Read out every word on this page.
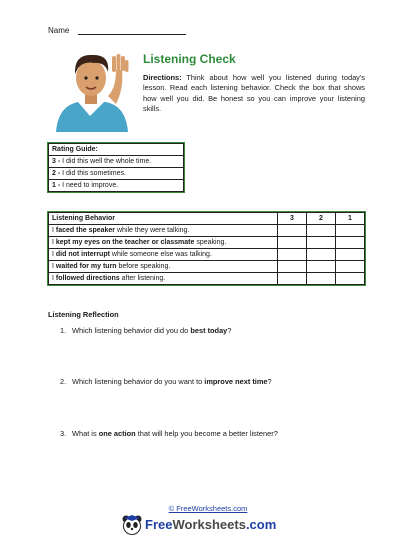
Name
Listening Check
Directions: Think about how well you listened during today's lesson. Read each listening behavior. Check the box that shows how well you did. Be honest so you can improve your listening skills.
Rating Guide:
3 - I did this well the whole time.
2 - I did this sometimes.
1 - I need to improve.
Listening Behavior	3	2	1
I faced the speaker while they were talking.			
I kept my eyes on the teacher or classmate speaking.			
I did not interrupt while someone else was talking.			
I waited for my turn before speaking.			
I followed directions after listening.			
Listening Reflection
1. Which listening behavior did you do best today?
2. Which listening behavior do you want to improve next time?
3. What is one action that will help you become a better listener?
© FreeWorksheets.com
FreeWorksheets.com
